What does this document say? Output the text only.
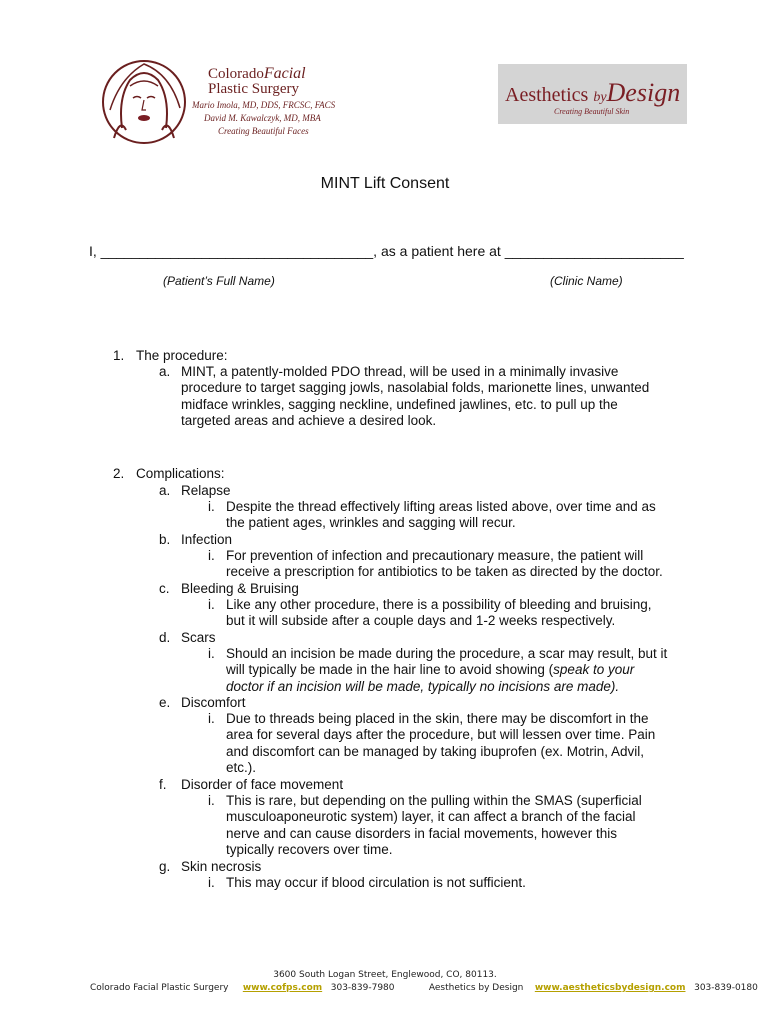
ColoradoFacial
Plastic Surgery
Mario Imola, MD, DDS, FRCSC, FACS
David M. Kawalczyk, MD, MBA
Creating Beautiful Faces
Aesthetics byDesign
Creating Beautiful Skin
MINT Lift Consent
I, ___________________________________, as a patient here at _______________________
(Patient’s Full Name)	(Clinic Name)
1. The procedure:
a. MINT, a patently-molded PDO thread, will be used in a minimally invasive
procedure to target sagging jowls, nasolabial folds, marionette lines, unwanted
midface wrinkles, sagging neckline, undefined jawlines, etc. to pull up the
targeted areas and achieve a desired look.
2. Complications:
a. Relapse
i. Despite the thread effectively lifting areas listed above, over time and as
the patient ages, wrinkles and sagging will recur.
b. Infection
i. For prevention of infection and precautionary measure, the patient will
receive a prescription for antibiotics to be taken as directed by the doctor.
c. Bleeding & Bruising
i. Like any other procedure, there is a possibility of bleeding and bruising,
but it will subside after a couple days and 1-2 weeks respectively.
d. Scars
i. Should an incision be made during the procedure, a scar may result, but it
will typically be made in the hair line to avoid showing (speak to your
doctor if an incision will be made, typically no incisions are made).
e. Discomfort
i. Due to threads being placed in the skin, there may be discomfort in the
area for several days after the procedure, but will lessen over time. Pain
and discomfort can be managed by taking ibuprofen (ex. Motrin, Advil,
etc.).
f. Disorder of face movement
i. This is rare, but depending on the pulling within the SMAS (superficial
musculoaponeurotic system) layer, it can affect a branch of the facial
nerve and can cause disorders in facial movements, however this
typically recovers over time.
g. Skin necrosis
i. This may occur if blood circulation is not sufficient.
3600 South Logan Street, Englewood, CO, 80113.
Colorado Facial Plastic Surgery www.cofps.com 303-839-7980	Aesthetics by Design www.aestheticsbydesign.com 303-839-0180
